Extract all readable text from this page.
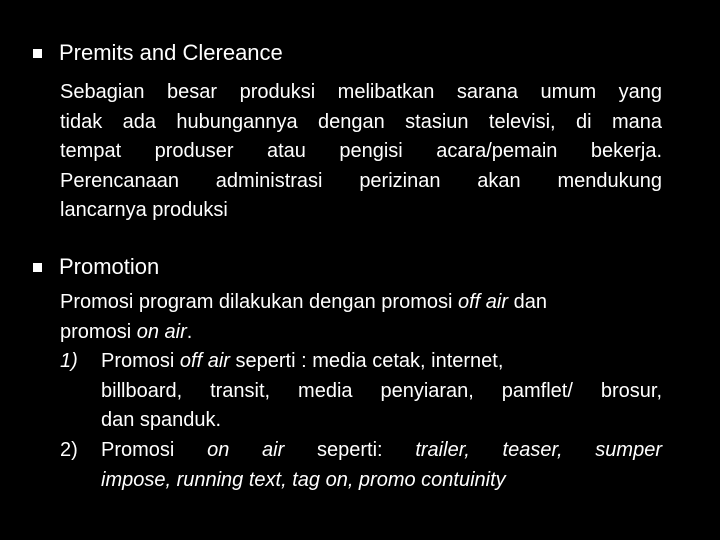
Premits and Clereance
Sebagian besar produksi melibatkan sarana umum yang
tidak ada hubungannya dengan stasiun televisi, di mana
tempat produser atau pengisi acara/pemain bekerja.
Perencanaan administrasi perizinan akan mendukung
lancarnya produksi
Promotion
Promosi program dilakukan dengan promosi off air dan
promosi on air.
1)	Promosi off air seperti : media cetak, internet,
billboard, transit, media penyiaran, pamflet/ brosur,
dan spanduk.
2)	Promosi on air seperti: trailer, teaser, sumper
impose, running text, tag on, promo contuinity
